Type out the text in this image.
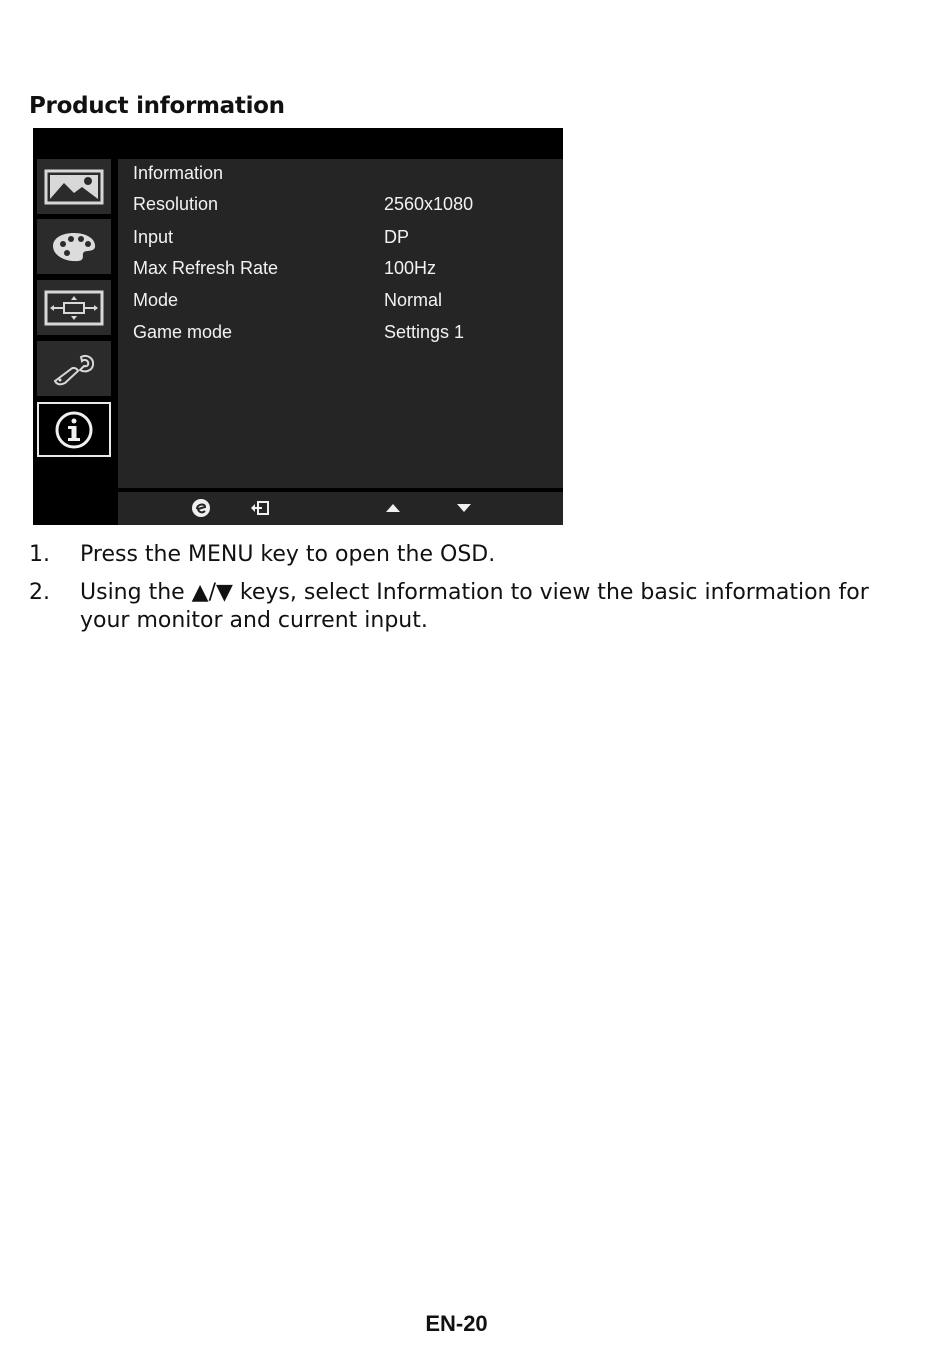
Product information
Information
Resolution	2560x1080
Input	DP
Max Refresh Rate	100Hz
Mode	Normal
Game mode	Settings 1
1. Press the MENU key to open the OSD.
2. Using the ▲/▼ keys, select Information to view the basic information for your monitor and current input.
EN-20
